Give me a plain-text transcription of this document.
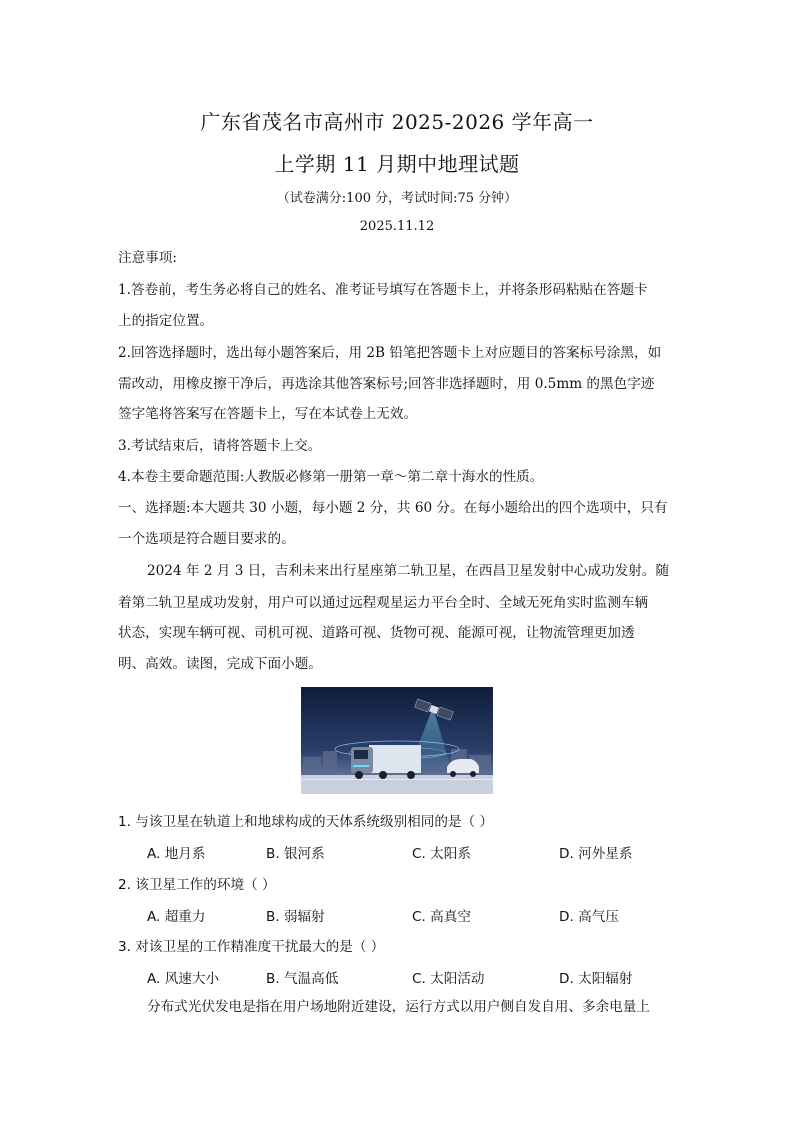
广东省茂名市高州市 2025-2026 学年高一
上学期 11 月期中地理试题
（试卷满分:100 分，考试时间:75 分钟）
2025.11.12
注意事项:
1.答卷前，考生务必将自己的姓名、准考证号填写在答题卡上，并将条形码粘贴在答题卡
上的指定位置。
2.回答选择题时，选出每小题答案后，用 2B 铅笔把答题卡上对应题目的答案标号涂黑，如
需改动，用橡皮擦干净后，再选涂其他答案标号;回答非选择题时，用 0.5mm 的黑色字迹
签字笔将答案写在答题卡上，写在本试卷上无效。
3.考试结束后，请将答题卡上交。
4.本卷主要命题范围:人教版必修第一册第一章～第二章十海水的性质。
一、选择题:本大题共 30 小题，每小题 2 分，共 60 分。在每小题给出的四个选项中，只有
一个选项是符合题目要求的。
2024 年 2 月 3 日，吉利未来出行星座第二轨卫星，在西昌卫星发射中心成功发射。随
着第二轨卫星成功发射，用户可以通过远程观星运力平台全时、全域无死角实时监测车辆
状态，实现车辆可视、司机可视、道路可视、货物可视、能源可视，让物流管理更加透
明、高效。读图，完成下面小题。
1. 与该卫星在轨道上和地球构成的天体系统级别相同的是（ ）
A. 地月系	B. 银河系	C. 太阳系	D. 河外星系
2. 该卫星工作的环境（ ）
A. 超重力	B. 弱辐射	C. 高真空	D. 高气压
3. 对该卫星的工作精准度干扰最大的是（ ）
A. 风速大小	B. 气温高低	C. 太阳活动	D. 太阳辐射
分布式光伏发电是指在用户场地附近建设，运行方式以用户侧自发自用、多余电量上
